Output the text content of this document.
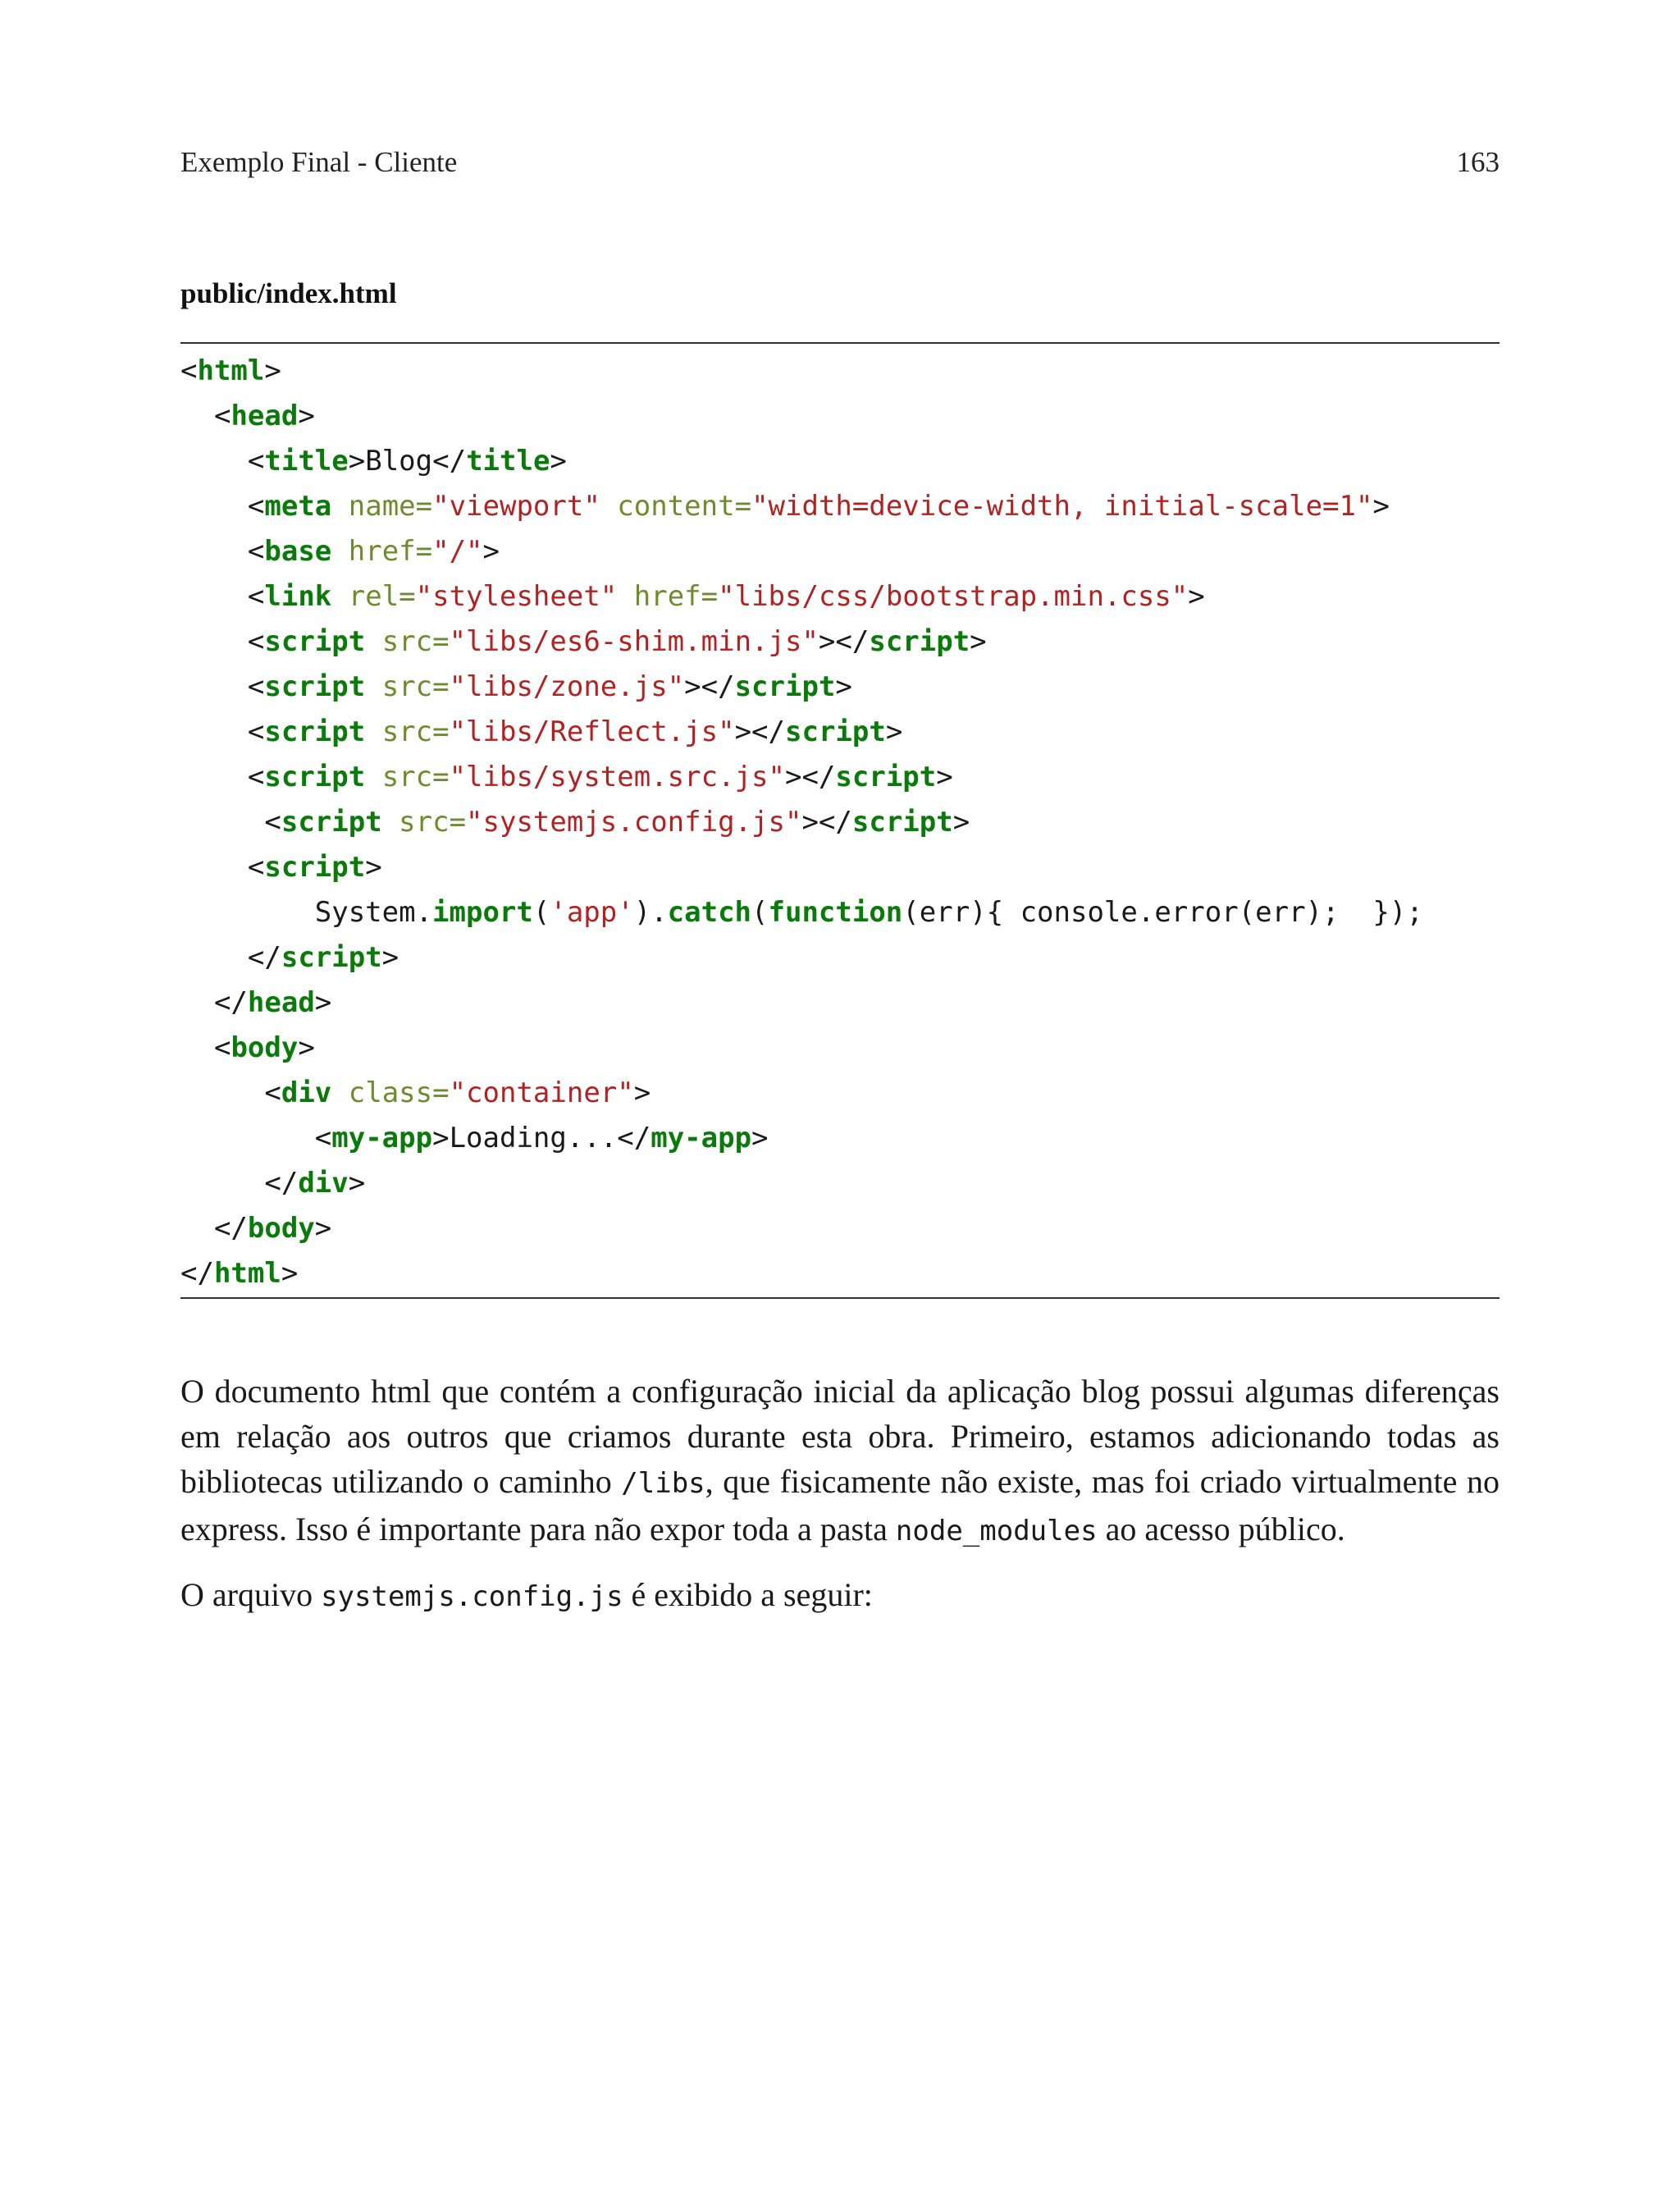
Exemplo Final - Cliente	163
public/index.html
<html>
<head>
<title>Blog</title>
<meta name="viewport" content="width=device-width, initial-scale=1">
<base href="/">
<link rel="stylesheet" href="libs/css/bootstrap.min.css">
<script src="libs/es6-shim.min.js"></script>
<script src="libs/zone.js"></script>
<script src="libs/Reflect.js"></script>
<script src="libs/system.src.js"></script>
<script src="systemjs.config.js"></script>
<script>
System.import('app').catch(function(err){ console.error(err);  });
</script>
</head>
<body>
<div class="container">
<my-app>Loading...</my-app>
</div>
</body>
</html>

O documento html que contém a configuração inicial da aplicação blog possui algumas diferenças em relação aos outros que criamos durante esta obra. Primeiro, estamos adicionando todas as bibliotecas utilizando o caminho /libs, que fisicamente não existe, mas foi criado virtualmente no express. Isso é importante para não expor toda a pasta node_modules ao acesso público.

O arquivo systemjs.config.js é exibido a seguir:
